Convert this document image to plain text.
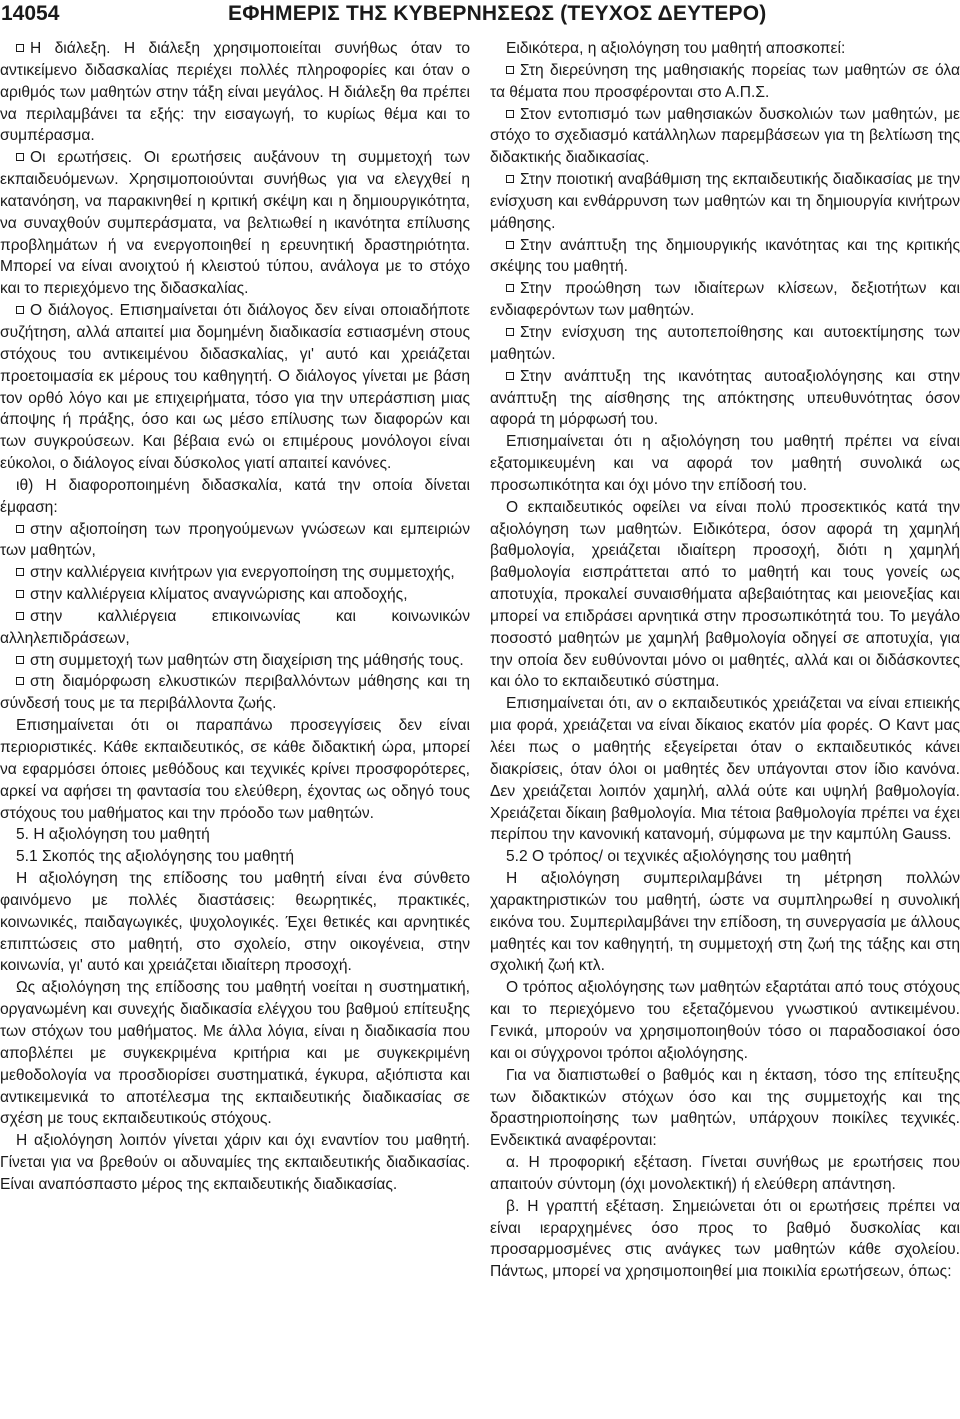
14054	ΕΦΗΜΕΡΙΣ ΤΗΣ ΚΥΒΕΡΝΗΣΕΩΣ (ΤΕΥΧΟΣ ΔΕΥΤΕΡΟ)

Η διάλεξη. Η διάλεξη χρησιμοποιείται συνήθως όταν το αντικείμενο διδασκαλίας περιέχει πολλές πληροφορίες και όταν ο αριθμός των μαθητών στην τάξη είναι μεγάλος. Η διάλεξη θα πρέπει να περιλαμβάνει τα εξής: την εισαγωγή, το κυρίως θέμα και το συμπέρασμα.

Οι ερωτήσεις. Οι ερωτήσεις αυξάνουν τη συμμετοχή των εκπαιδευόμενων. Χρησιμοποιούνται συνήθως για να ελεγχθεί η κατανόηση, να παρακινηθεί η κριτική σκέψη και η δημιουργικότητα, να συναχθούν συμπεράσματα, να βελτιωθεί η ικανότητα επίλυσης προβλημάτων ή να ενεργοποιηθεί η ερευνητική δραστηριότητα. Μπορεί να είναι ανοιχτού ή κλειστού τύπου, ανάλογα με το στόχο και το περιεχόμενο της διδασκαλίας.

Ο διάλογος. Επισημαίνεται ότι διάλογος δεν είναι οποιαδήποτε συζήτηση, αλλά απαιτεί μια δομημένη διαδικασία εστιασμένη στους στόχους του αντικειμένου διδασκαλίας, γι' αυτό και χρειάζεται προετοιμασία εκ μέρους του καθηγητή. Ο διάλογος γίνεται με βάση τον ορθό λόγο και με επιχειρήματα, τόσο για την υπεράσπιση μιας άποψης ή πράξης, όσο και ως μέσο επίλυσης των διαφορών και των συγκρούσεων. Και βέβαια ενώ οι επιμέρους μονόλογοι είναι εύκολοι, ο διάλογος είναι δύσκολος γιατί απαιτεί κανόνες.

ιθ) Η διαφοροποιημένη διδασκαλία, κατά την οποία δίνεται έμφαση:

στην αξιοποίηση των προηγούμενων γνώσεων και εμπειριών των μαθητών,

στην καλλιέργεια κινήτρων για ενεργοποίηση της συμμετοχής,

στην καλλιέργεια κλίματος αναγνώρισης και αποδοχής,

στην καλλιέργεια επικοινωνίας και κοινωνικών αλληλεπιδράσεων,

στη συμμετοχή των μαθητών στη διαχείριση της μάθησής τους.

στη διαμόρφωση ελκυστικών περιβαλλόντων μάθησης και τη σύνδεσή τους με τα περιβάλλοντα ζωής.

Επισημαίνεται ότι οι παραπάνω προσεγγίσεις δεν είναι περιοριστικές. Κάθε εκπαιδευτικός, σε κάθε διδακτική ώρα, μπορεί να εφαρμόσει όποιες μεθόδους και τεχνικές κρίνει προσφορότερες, αρκεί να αφήσει τη φαντασία του ελεύθερη, έχοντας ως οδηγό τους στόχους του μαθήματος και την πρόοδο των μαθητών.

5. Η αξιολόγηση του μαθητή

5.1 Σκοπός της αξιολόγησης του μαθητή

Η αξιολόγηση της επίδοσης του μαθητή είναι ένα σύνθετο φαινόμενο με πολλές διαστάσεις: θεωρητικές, πρακτικές, κοινωνικές, παιδαγωγικές, ψυχολογικές. Έχει θετικές και αρνητικές επιπτώσεις στο μαθητή, στο σχολείο, στην οικογένεια, στην κοινωνία, γι' αυτό και χρειάζεται ιδιαίτερη προσοχή.

Ως αξιολόγηση της επίδοσης του μαθητή νοείται η συστηματική, οργανωμένη και συνεχής διαδικασία ελέγχου του βαθμού επίτευξης των στόχων του μαθήματος. Με άλλα λόγια, είναι η διαδικασία που αποβλέπει με συγκεκριμένα κριτήρια και με συγκεκριμένη μεθοδολογία να προσδιορίσει συστηματικά, έγκυρα, αξιόπιστα και αντικειμενικά το αποτέλεσμα της εκπαιδευτικής διαδικασίας σε σχέση με τους εκπαιδευτικούς στόχους.

Η αξιολόγηση λοιπόν γίνεται χάριν και όχι εναντίον του μαθητή. Γίνεται για να βρεθούν οι αδυναμίες της εκπαιδευτικής διαδικασίας. Είναι αναπόσπαστο μέρος της εκπαιδευτικής διαδικασίας.

Ειδικότερα, η αξιολόγηση του μαθητή αποσκοπεί:

Στη διερεύνηση της μαθησιακής πορείας των μαθητών σε όλα τα θέματα που προσφέρονται στο Α.Π.Σ.

Στον εντοπισμό των μαθησιακών δυσκολιών των μαθητών, με στόχο το σχεδιασμό κατάλληλων παρεμβάσεων για τη βελτίωση της διδακτικής διαδικασίας.

Στην ποιοτική αναβάθμιση της εκπαιδευτικής διαδικασίας με την ενίσχυση και ενθάρρυνση των μαθητών και τη δημιουργία κινήτρων μάθησης.

Στην ανάπτυξη της δημιουργικής ικανότητας και της κριτικής σκέψης του μαθητή.

Στην προώθηση των ιδιαίτερων κλίσεων, δεξιοτήτων και ενδιαφερόντων των μαθητών.

Στην ενίσχυση της αυτοπεποίθησης και αυτοεκτίμησης των μαθητών.

Στην ανάπτυξη της ικανότητας αυτοαξιολόγησης και στην ανάπτυξη της αίσθησης της απόκτησης υπευθυνότητας όσον αφορά τη μόρφωσή του.

Επισημαίνεται ότι η αξιολόγηση του μαθητή πρέπει να είναι εξατομικευμένη και να αφορά τον μαθητή συνολικά ως προσωπικότητα και όχι μόνο την επίδοσή του.

Ο εκπαιδευτικός οφείλει να είναι πολύ προσεκτικός κατά την αξιολόγηση των μαθητών. Ειδικότερα, όσον αφορά τη χαμηλή βαθμολογία, χρειάζεται ιδιαίτερη προσοχή, διότι η χαμηλή βαθμολογία εισπράττεται από το μαθητή και τους γονείς ως αποτυχία, προκαλεί συναισθήματα αβεβαιότητας και μειονεξίας και μπορεί να επιδράσει αρνητικά στην προσωπικότητά του. Το μεγάλο ποσοστό μαθητών με χαμηλή βαθμολογία οδηγεί σε αποτυχία, για την οποία δεν ευθύνονται μόνο οι μαθητές, αλλά και οι διδάσκοντες και όλο το εκπαιδευτικό σύστημα.

Επισημαίνεται ότι, αν ο εκπαιδευτικός χρειάζεται να είναι επιεικής μια φορά, χρειάζεται να είναι δίκαιος εκατόν μία φορές. Ο Καντ μας λέει πως ο μαθητής εξεγείρεται όταν ο εκπαιδευτικός κάνει διακρίσεις, όταν όλοι οι μαθητές δεν υπάγονται στον ίδιο κανόνα. Δεν χρειάζεται λοιπόν χαμηλή, αλλά ούτε και υψηλή βαθμολογία. Χρειάζεται δίκαιη βαθμολογία. Μια τέτοια βαθμολογία πρέπει να έχει περίπου την κανονική κατανομή, σύμφωνα με την καμπύλη Gauss.

5.2 Ο τρόπος/ οι τεχνικές αξιολόγησης του μαθητή

Η αξιολόγηση συμπεριλαμβάνει τη μέτρηση πολλών χαρακτηριστικών του μαθητή, ώστε να συμπληρωθεί η συνολική εικόνα του. Συμπεριλαμβάνει την επίδοση, τη συνεργασία με άλλους μαθητές και τον καθηγητή, τη συμμετοχή στη ζωή της τάξης και στη σχολική ζωή κτλ.

Ο τρόπος αξιολόγησης των μαθητών εξαρτάται από τους στόχους και το περιεχόμενο του εξεταζόμενου γνωστικού αντικειμένου. Γενικά, μπορούν να χρησιμοποιηθούν τόσο οι παραδοσιακοί όσο και οι σύγχρονοι τρόποι αξιολόγησης.

Για να διαπιστωθεί ο βαθμός και η έκταση, τόσο της επίτευξης των διδακτικών στόχων όσο και της συμμετοχής και της δραστηριοποίησης των μαθητών, υπάρχουν ποικίλες τεχνικές. Ενδεικτικά αναφέρονται:

α. Η προφορική εξέταση. Γίνεται συνήθως με ερωτήσεις που απαιτούν σύντομη (όχι μονολεκτική) ή ελεύθερη απάντηση.

β. Η γραπτή εξέταση. Σημειώνεται ότι οι ερωτήσεις πρέπει να είναι ιεραρχημένες όσο προς το βαθμό δυσκολίας και προσαρμοσμένες στις ανάγκες των μαθητών κάθε σχολείου. Πάντως, μπορεί να χρησιμοποιηθεί μια ποικιλία ερωτήσεων, όπως:
